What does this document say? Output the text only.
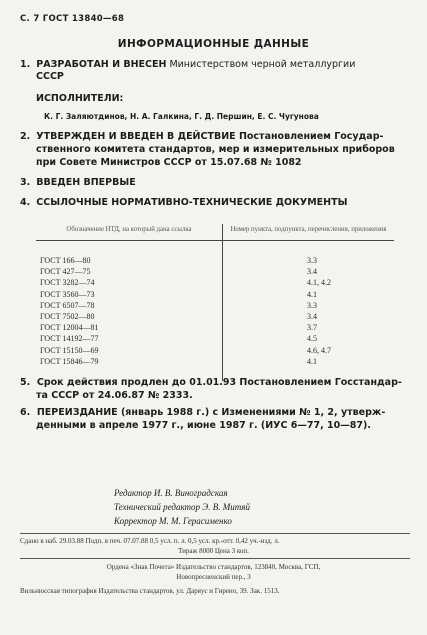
С. 7 ГОСТ 13840—68
ИНФОРМАЦИОННЫЕ ДАННЫЕ
1. РАЗРАБОТАН И ВНЕСЕН Министерством черной металлургии
СССР
ИСПОЛНИТЕЛИ:
К. Г. Заляютдинов, Н. А. Галкина, Г. Д. Першин, Е. С. Чугунова
2. УТВЕРЖДЕН И ВВЕДЕН В ДЕЙСТВИЕ Постановлением Государ-
ственного комитета стандартов, мер и измерительных приборов
при Совете Министров СССР от 15.07.68 № 1082
3. ВВЕДЕН ВПЕРВЫЕ
4. ССЫЛОЧНЫЕ НОРМАТИВНО-ТЕХНИЧЕСКИЕ ДОКУМЕНТЫ
Обозначение НТД, на который дана ссылка	Номер пункта, подпункта, перечисления, приложения

ГОСТ 166—80	3.3
ГОСТ 427—75	3.4
ГОСТ 3282—74	4.1, 4.2
ГОСТ 3560—73	4.1
ГОСТ 6507—78	3.3
ГОСТ 7502—80	3.4
ГОСТ 12004—81	3.7
ГОСТ 14192—77	4.5
ГОСТ 15150—69	4.6, 4.7
ГОСТ 15846—79	4.1

5. Срок действия продлен до 01.01.93 Постановлением Госстандар-
та СССР от 24.06.87 № 2333.
6. ПЕРЕИЗДАНИЕ (январь 1988 г.) с Изменениями № 1, 2, утверж-
денными в апреле 1977 г., июне 1987 г. (ИУС 6—77, 10—87).
Редактор И. В. Виноградская
Технический редактор Э. В. Митяй
Корректор М. М. Герасименко
Сдано в наб. 29.03.88 Подп. в печ. 07.07.88 0,5 усл. п. л. 0,5 усл. кр.-отт. 0,42 уч.-изд. л.
Тираж 8000 Цена 3 коп.
Ордена «Знак Почета» Издательство стандартов, 123840, Москва, ГСП,
Новопресненский пер., 3
Вильнюсская типография Издательства стандартов, ул. Даряус и Гирено, 39. Зак. 1513.
